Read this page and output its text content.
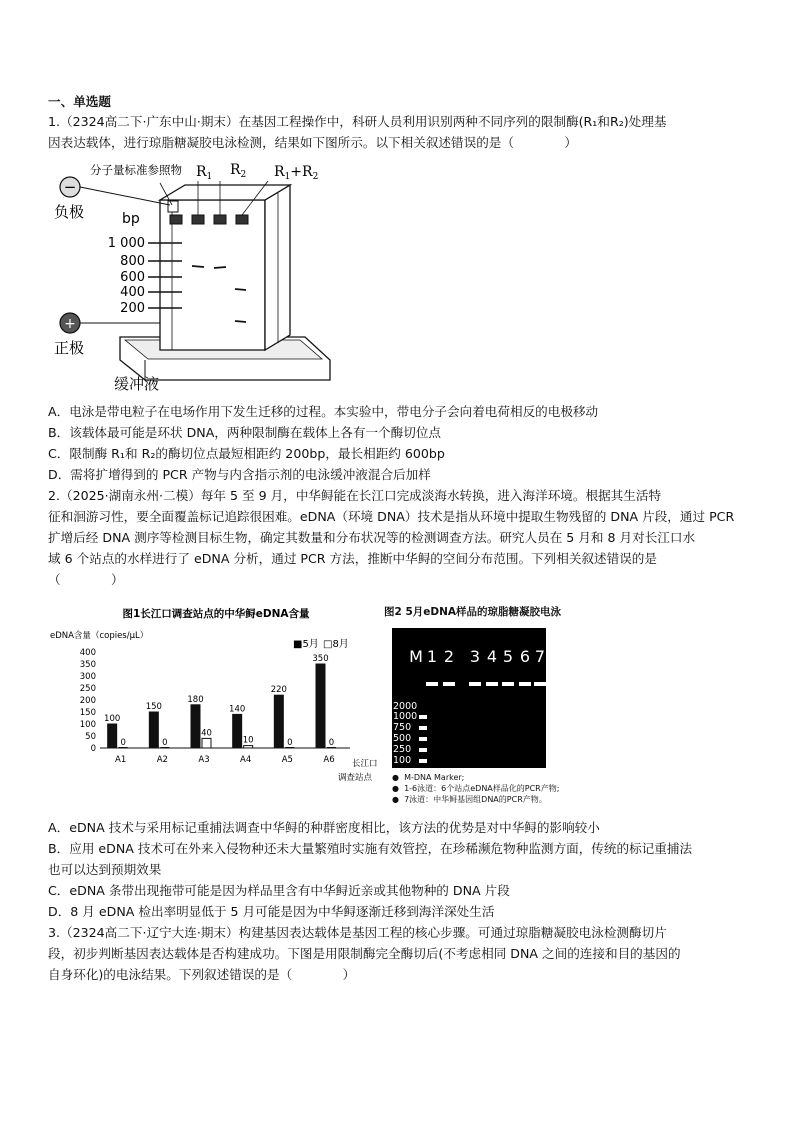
一、单选题
1.（2324高二下·广东中山·期末）在基因工程操作中，科研人员利用识别两种不同序列的限制酶(R₁和R₂)处理基
因表达载体，进行琼脂糖凝胶电泳检测，结果如下图所示。以下相关叙述错误的是（　　　　）
−
负极
+
正极
缓冲液
分子量标准参照物 $R_1$ $R_2$ $R_1+R_2$
bp
1 000
800
600
400
200
A．电泳是带电粒子在电场作用下发生迁移的过程。本实验中，带电分子会向着电荷相反的电极移动
B．该载体最可能是环状 DNA，两种限制酶在载体上各有一个酶切位点
C．限制酶 R₁和 R₂的酶切位点最短相距约 200bp，最长相距约 600bp
D．需将扩增得到的 PCR 产物与内含指示剂的电泳缓冲液混合后加样
2.（2025·湖南永州·二模）每年 5 至 9 月，中华鲟能在长江口完成淡海水转换，进入海洋环境。根据其生活特
征和洄游习性，要全面覆盖标记追踪很困难。eDNA（环境 DNA）技术是指从环境中提取生物残留的 DNA 片段，通过 PCR
扩增后经 DNA 测序等检测目标生物，确定其数量和分布状况等的检测调查方法。研究人员在 5 月和 8 月对长江口水
域 6 个站点的水样进行了 eDNA 分析，通过 PCR 方法，推断中华鲟的空间分布范围。下列相关叙述错误的是
（　　　　）
图1长江口调查站点的中华鲟eDNA含量
eDNA含量（copies/μL）
■5月 □8月
400
350
300
250
200
150
100
50
0
A1
100
0
A2
150
0
A3
180
40
A4
140
10
A5
220
0
A6
350
0
长江口
调查站点
图2 5月eDNA样品的琼脂糖凝胶电泳
M 1 2 3 4 5 6 7
2000
1000
750
500
250
100
●  M-DNA Marker;
●  1-6泳道：6个站点eDNA样品化的PCR产物;
●  7泳道：中华鲟基因组DNA的PCR产物。
A．eDNA 技术与采用标记重捕法调查中华鲟的种群密度相比，该方法的优势是对中华鲟的影响较小
B．应用 eDNA 技术可在外来入侵物种还未大量繁殖时实施有效管控，在珍稀濒危物种监测方面，传统的标记重捕法
也可以达到预期效果
C．eDNA 条带出现拖带可能是因为样品里含有中华鲟近亲或其他物种的 DNA 片段
D．8 月 eDNA 检出率明显低于 5 月可能是因为中华鲟逐渐迁移到海洋深处生活
3.（2324高二下·辽宁大连·期末）构建基因表达载体是基因工程的核心步骤。可通过琼脂糖凝胶电泳检测酶切片
段，初步判断基因表达载体是否构建成功。下图是用限制酶完全酶切后(不考虑相同 DNA 之间的连接和目的基因的
自身环化)的电泳结果。下列叙述错误的是（　　　　）
